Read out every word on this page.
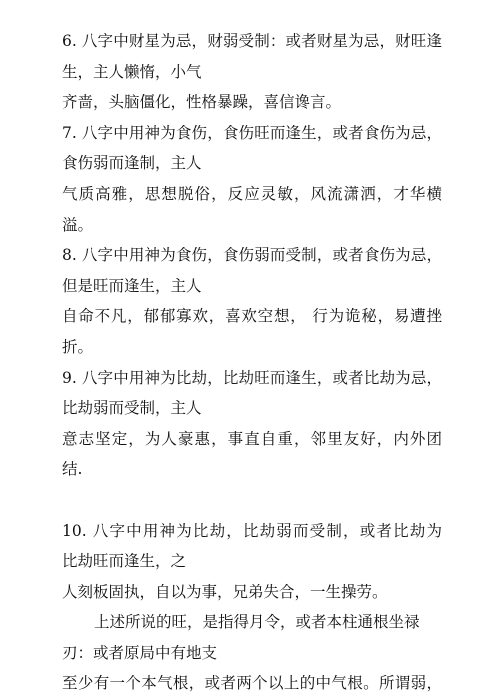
6. 八字中财星为忌，财弱受制：或者财星为忌，财旺逢
生，主人懒惰，小气
齐啬，头脑僵化，性格暴躁，喜信谗言。
7. 八字中用神为食伤，食伤旺而逢生，或者食伤为忌，
食伤弱而逢制，主人
气质高雅，思想脱俗，反应灵敏，风流潇洒，才华横
溢。
8. 八字中用神为食伤，食伤弱而受制，或者食伤为忌，
但是旺而逢生，主人
自命不凡，郁郁寡欢，喜欢空想， 行为诡秘，易遭挫
折。
9. 八字中用神为比劫，比劫旺而逢生，或者比劫为忌，
比劫弱而受制，主人
意志坚定，为人豪惠，事直自重，邻里友好，内外团
结.
10. 八字中用神为比劫，比劫弱而受制，或者比劫为
比劫旺而逢生，之
人刻板固执，自以为事，兄弟失合，一生操劳。
上述所说的旺，是指得月令，或者本柱通根坐禄
刃：或者原局中有地支
至少有一个本气根，或者两个以上的中气根。所谓弱，
